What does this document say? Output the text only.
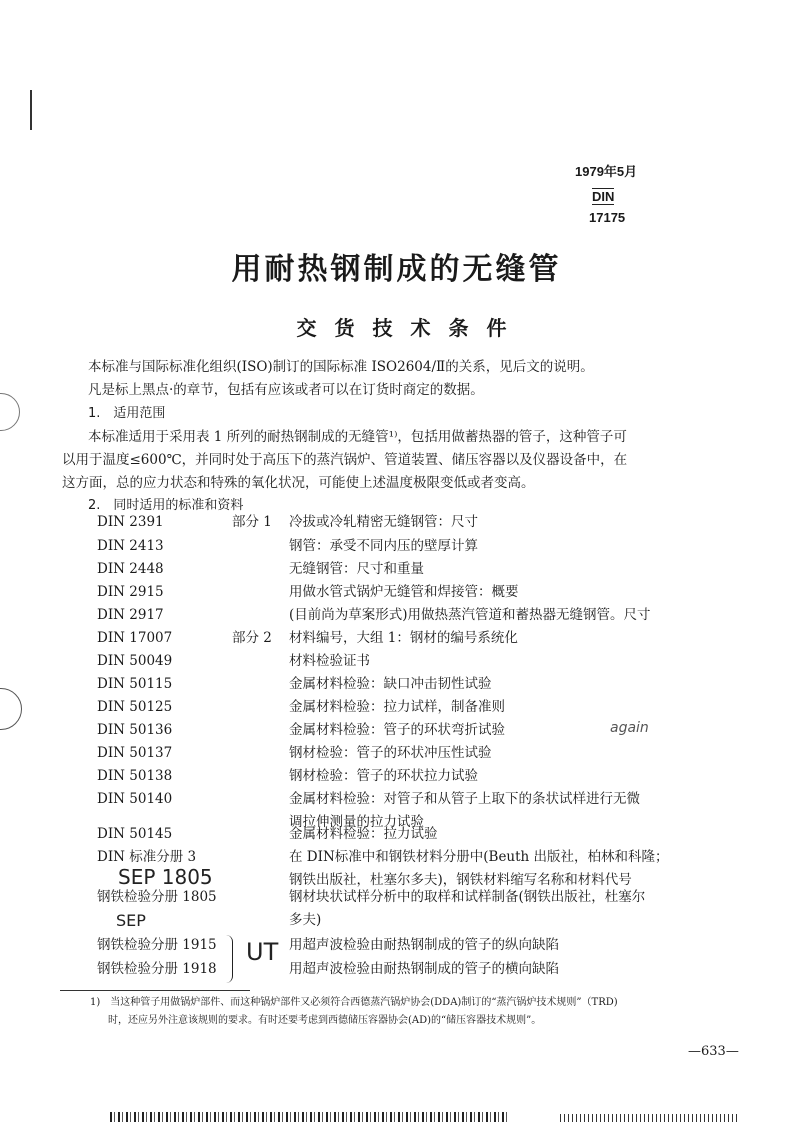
1979年5月
DIN
17175
用耐热钢制成的无缝管
交货技术条件
本标准与国际标准化组织(ISO)制订的国际标准 ISO2604/Ⅱ的关系，见后文的说明。
凡是标上黑点·的章节，包括有应该或者可以在订货时商定的数据。
1.　适用范围
本标准适用于采用表 1 所列的耐热钢制成的无缝管¹⁾，包括用做蓄热器的管子，这种管子可
以用于温度≤600℃，并同时处于高压下的蒸汽锅炉、管道装置、储压容器以及仪器设备中，在
这方面，总的应力状态和特殊的氧化状况，可能使上述温度极限变低或者变高。
2.　同时适用的标准和资料
DIN 2391	部分 1 冷拔或冷轧精密无缝钢管：尺寸
DIN 2413	钢管：承受不同内压的壁厚计算
DIN 2448	无缝钢管：尺寸和重量
DIN 2915	用做水管式锅炉无缝管和焊接管：概要
DIN 2917	(目前尚为草案形式)用做热蒸汽管道和蓄热器无缝钢管。尺寸
DIN 17007	部分 2 材料编号，大组 1：钢材的编号系统化
DIN 50049	材料检验证书
DIN 50115	金属材料检验：缺口冲击韧性试验
DIN 50125	金属材料检验：拉力试样，制备准则
DIN 50136	金属材料检验：管子的环状弯折试验
DIN 50137	钢材检验：管子的环状冲压性试验
DIN 50138	钢材检验：管子的环状拉力试验
DIN 50140	金属材料检验：对管子和从管子上取下的条状试样进行无微
调拉伸测量的拉力试验
DIN 50145	金属材料检验：拉力试验
DIN 标准分册 3	在 DIN标准中和钢铁材料分册中(Beuth 出版社，柏林和科隆；
钢铁出版社，杜塞尔多夫)，钢铁材料缩写名称和材料代号
钢铁检验分册 1805	钢材块状试样分析中的取样和试样制备(钢铁出版社，杜塞尔
多夫)
钢铁检验分册 1915	用超声波检验由耐热钢制成的管子的纵向缺陷
钢铁检验分册 1918	用超声波检验由耐热钢制成的管子的横向缺陷
SEP 1805
SEP
UT
again
1)　当这种管子用做锅炉部件、而这种锅炉部件又必须符合西德蒸汽锅炉协会(DDA)制订的“蒸汽锅炉技术规则”（TRD)
时，还应另外注意该规则的要求。有时还要考虑到西德储压容器协会(AD)的“储压容器技术规则”。
—633—
